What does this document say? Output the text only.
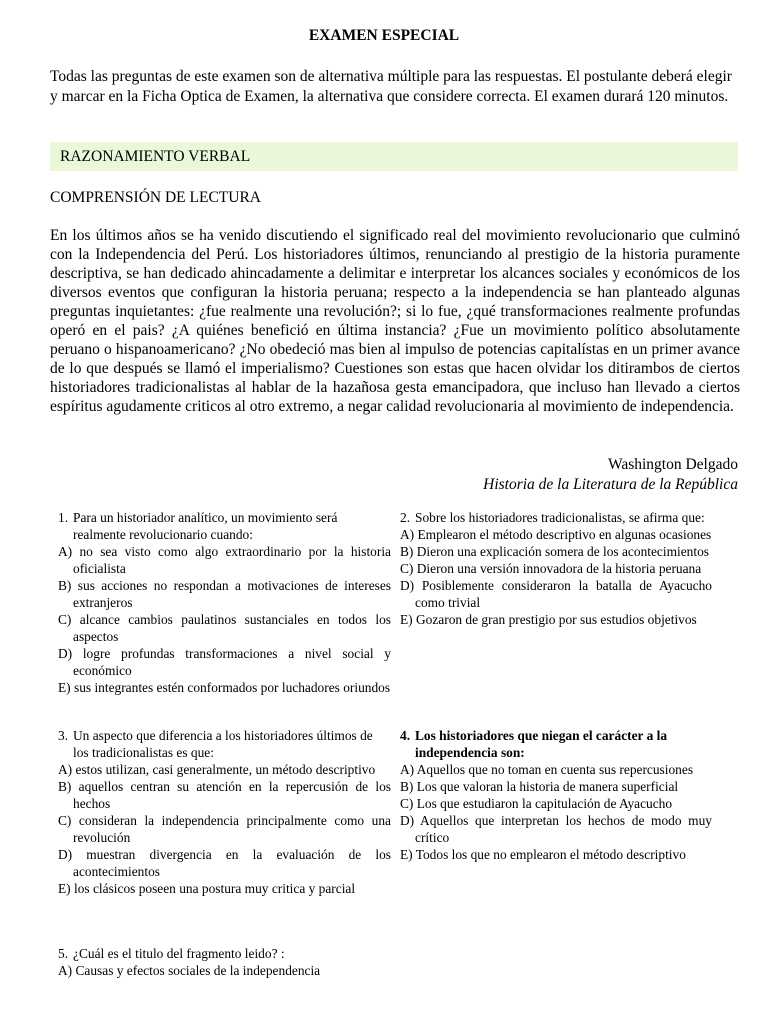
EXAMEN ESPECIAL
Todas las preguntas de este examen son de alternativa múltiple para las respuestas. El postulante deberá elegir y marcar en la Ficha Optica de Examen, la alternativa que considere correcta. El examen durará 120 minutos.
RAZONAMIENTO VERBAL
COMPRENSIÓN DE LECTURA
En los últimos años se ha venido discutiendo el significado real del movimiento revolucionario que culminó con la Independencia del Perú. Los historiadores últimos, renunciando al prestigio de la historia puramente descriptiva, se han dedicado ahincadamente a delimitar e interpretar los alcances sociales y económicos de los diversos eventos que configuran la historia peruana; respecto a la independencia se han planteado algunas preguntas inquietantes: ¿fue realmente una revolución?; si lo fue, ¿qué transformaciones realmente profundas operó en el pais? ¿A quiénes benefició en última instancia? ¿Fue un movimiento político absolutamente peruano o hispanoamericano? ¿No obedeció mas bien al impulso de potencias capitalístas en un primer avance de lo que después se llamó el imperialismo? Cuestiones son estas que hacen olvidar los ditirambos de ciertos historiadores tradicionalistas al hablar de la hazañosa gesta emancipadora, que incluso han llevado a ciertos espíritus agudamente criticos al otro extremo, a negar calidad revolucionaria al movimiento de independencia.
Washington Delgado
Historia de la Literatura de la República
1. Para un historiador analítico, un movimiento será realmente revolucionario cuando:
A) no sea visto como algo extraordinario por la historia oficialista
B) sus acciones no respondan a motivaciones de intereses extranjeros
C) alcance cambios paulatinos sustanciales en todos los aspectos
D) logre profundas transformaciones a nivel social y económico
E) sus integrantes estén conformados por luchadores oriundos
2. Sobre los historiadores tradicionalistas, se afirma que:
A) Emplearon el método descriptivo en algunas ocasiones
B) Dieron una explicación somera de los acontecimientos
C) Dieron una versión innovadora de la historia peruana
D) Posiblemente consideraron la batalla de Ayacucho como trivial
E) Gozaron de gran prestigio por sus estudios objetivos
3. Un aspecto que diferencia a los historiadores últimos de los tradicionalistas es que:
A) estos utilizan, casi generalmente, un método descriptivo
B) aquellos centran su atención en la repercusión de los hechos
C) consideran la independencia principalmente como una revolución
D) muestran divergencia en la evaluación de los acontecimientos
E) los clásicos poseen una postura muy critica y parcial
4. Los historiadores que niegan el carácter a la independencia son:
A) Aquellos que no toman en cuenta sus repercusiones
B) Los que valoran la historia de manera superficial
C) Los que estudiaron la capitulación de Ayacucho
D) Aquellos que interpretan los hechos de modo muy crítico
E) Todos los que no emplearon el método descriptivo
5. ¿Cuál es el titulo del fragmento leido? :
A) Causas y efectos sociales de la independencia
